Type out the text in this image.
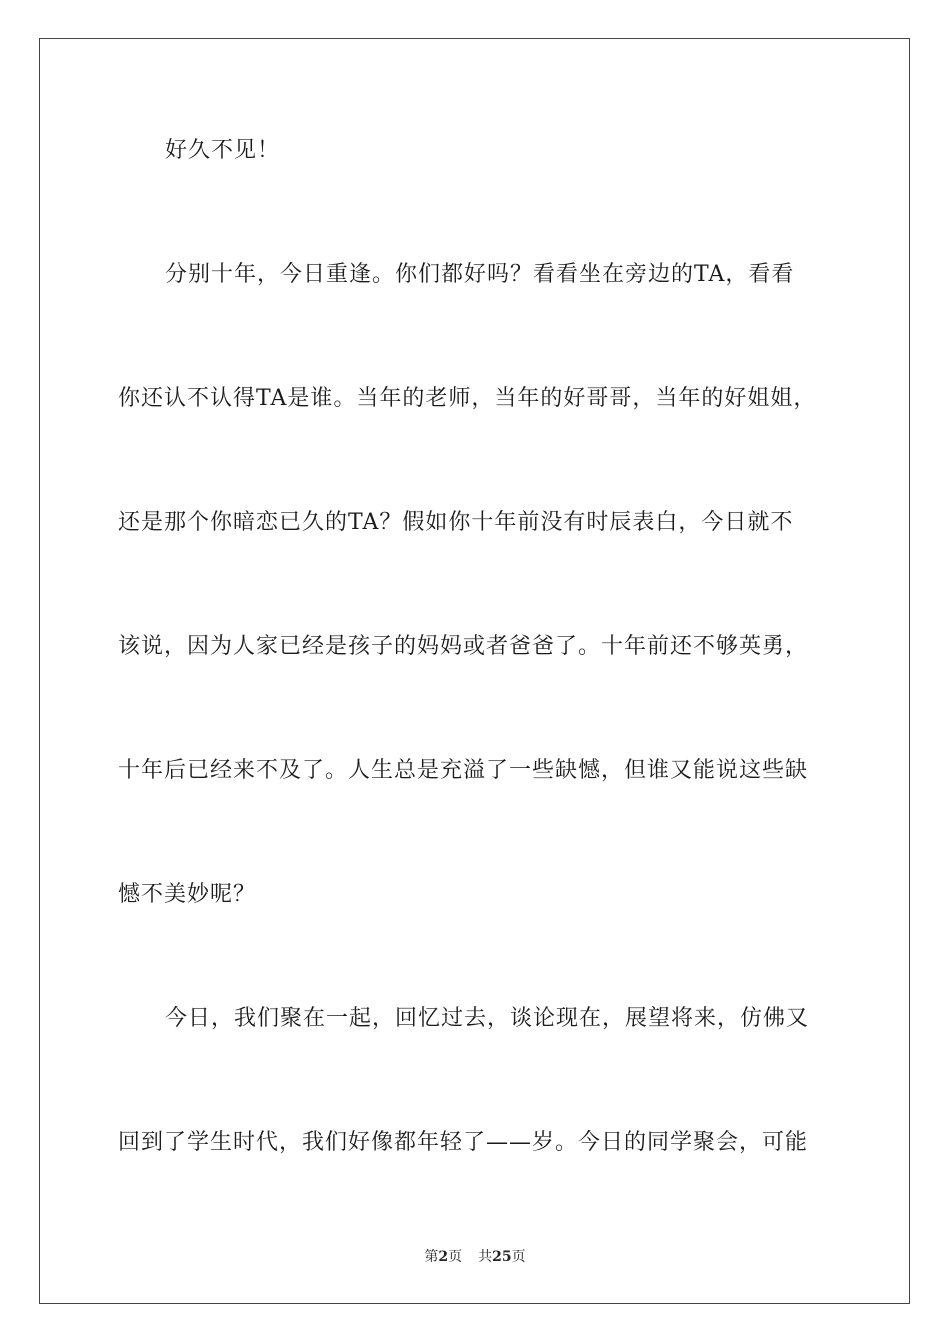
好久不见！
分别十年，今日重逢。你们都好吗？看看坐在旁边的TA，看看
你还认不认得TA是谁。当年的老师，当年的好哥哥，当年的好姐姐，
还是那个你暗恋已久的TA？假如你十年前没有时辰表白，今日就不
该说，因为人家已经是孩子的妈妈或者爸爸了。十年前还不够英勇，
十年后已经来不及了。人生总是充溢了一些缺憾，但谁又能说这些缺
憾不美妙呢？
今日，我们聚在一起，回忆过去，谈论现在，展望将来，仿佛又
回到了学生时代，我们好像都年轻了——岁。今日的同学聚会，可能
第2页 共25页
